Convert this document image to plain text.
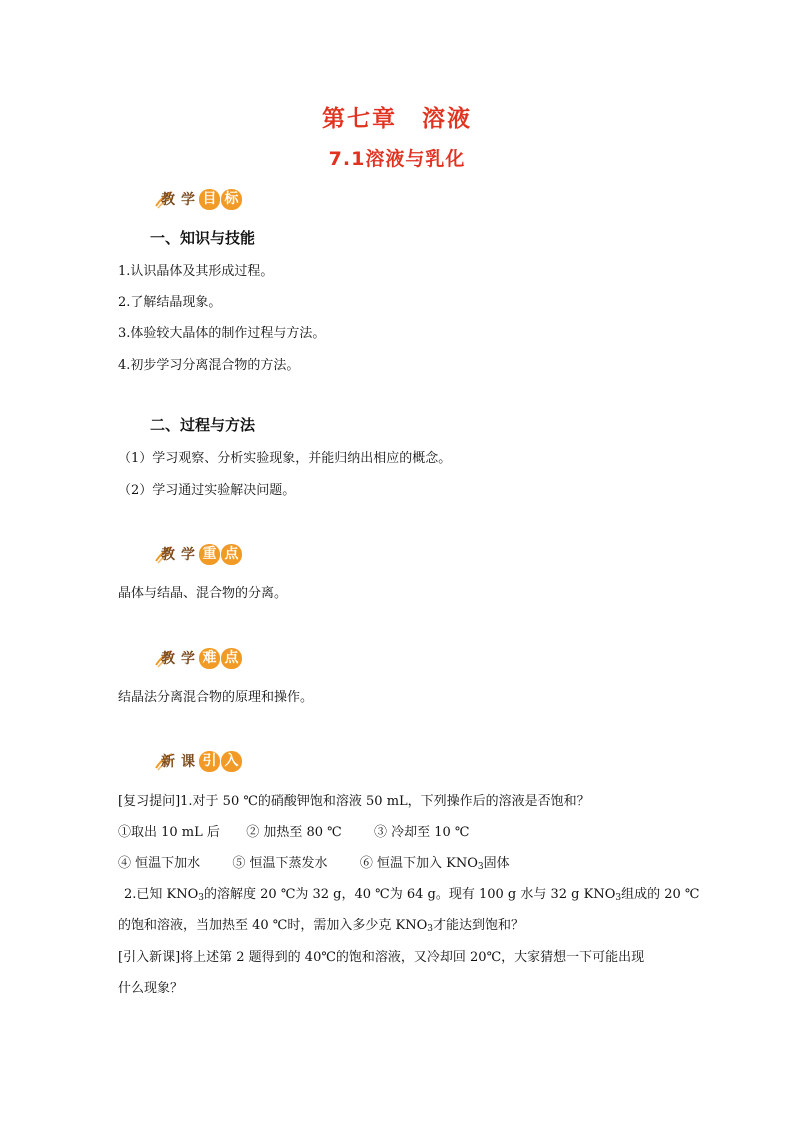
第七章　溶液
7.1溶液与乳化
教 学 目 标
一、知识与技能
1.认识晶体及其形成过程。
2.了解结晶现象。
3.体验较大晶体的制作过程与方法。
4.初步学习分离混合物的方法。
二、过程与方法
（1）学习观察、分析实验现象，并能归纳出相应的概念。
（2）学习通过实验解决问题。
教 学 重 点
晶体与结晶、混合物的分离。
教 学 难 点
结晶法分离混合物的原理和操作。
新 课 引 入
[复习提问]1.对于 50 ℃的硝酸钾饱和溶液 50 mL，下列操作后的溶液是否饱和？
①取出 10 mL 后 ② 加热至 80 ℃ ③ 冷却至 10 ℃
④ 恒温下加水 ⑤ 恒温下蒸发水 ⑥ 恒温下加入 $KNO_3$固体
2.已知 $KNO_3$的溶解度 20 ℃为 32 g，40 ℃为 64 g。现有 100 g 水与 32 g $KNO_3$组成的 20 ℃
的饱和溶液，当加热至 40 ℃时，需加入多少克 $KNO_3$才能达到饱和？
[引入新课]将上述第 2 题得到的 40℃的饱和溶液，又冷却回 20℃，大家猜想一下可能出现
什么现象？
